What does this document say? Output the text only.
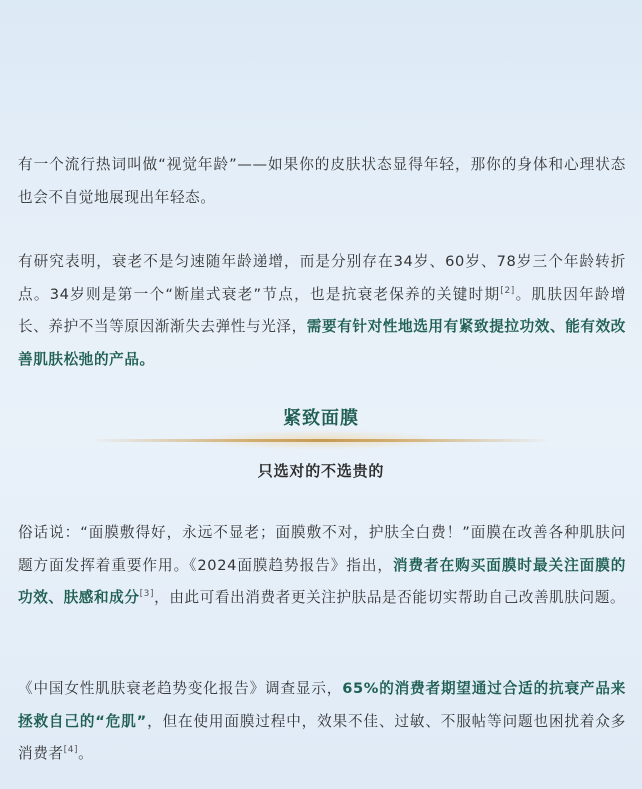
有一个流行热词叫做“视觉年龄”——如果你的皮肤状态显得年轻，那你的身体和心理状态也会不自觉地展现出年轻态。

有研究表明，衰老不是匀速随年龄递增，而是分别存在34岁、60岁、78岁三个年龄转折点。34岁则是第一个“断崖式衰老”节点，也是抗衰老保养的关键时期[2]。肌肤因年龄增长、养护不当等原因渐渐失去弹性与光泽，需要有针对性地选用有紧致提拉功效、能有效改善肌肤松弛的产品。

紧致面膜
只选对的不选贵的

俗话说：“面膜敷得好，永远不显老；面膜敷不对，护肤全白费！”面膜在改善各种肌肤问题方面发挥着重要作用。《2024面膜趋势报告》指出，消费者在购买面膜时最关注面膜的功效、肤感和成分[3]，由此可看出消费者更关注护肤品是否能切实帮助自己改善肌肤问题。

《中国女性肌肤衰老趋势变化报告》调查显示，65%的消费者期望通过合适的抗衰产品来拯救自己的“危肌”，但在使用面膜过程中，效果不佳、过敏、不服帖等问题也困扰着众多消费者[4]。
